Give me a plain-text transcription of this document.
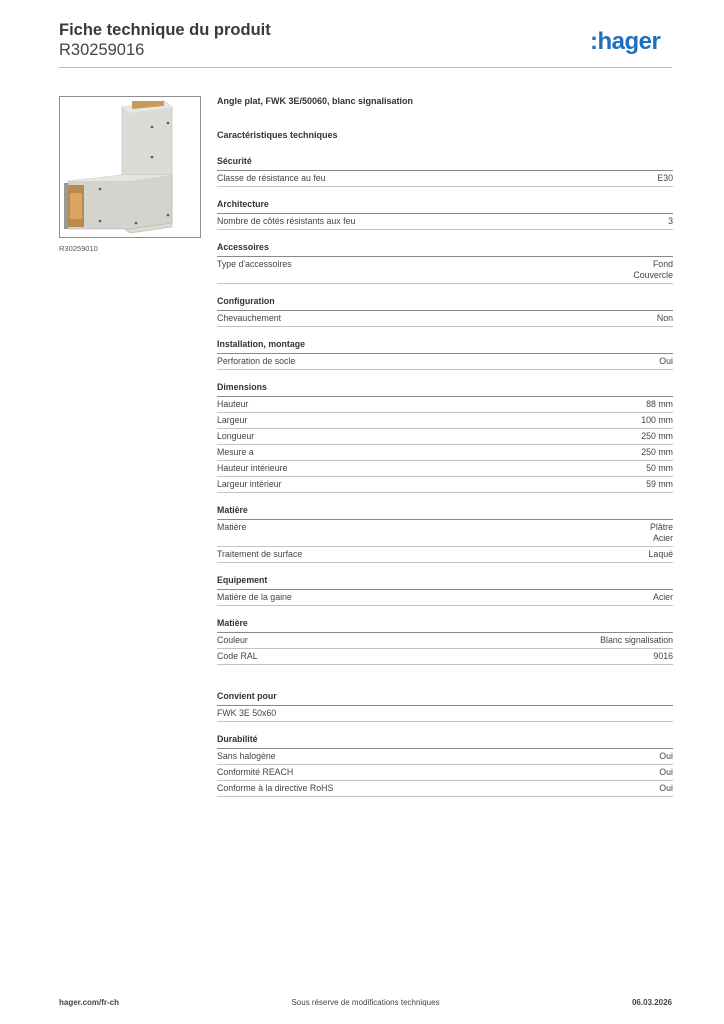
Fiche technique du produit
R30259016	:hager
R30259010
Angle plat, FWK 3E/50060, blanc signalisation
Caractéristiques techniques
Sécurité
Classe de résistance au feu	E30
Architecture
Nombre de côtés résistants aux feu	3
Accessoires
Type d'accessoires	Fond
Couvercle
Configuration
Chevauchement	Non
Installation, montage
Perforation de socle	Oui
Dimensions
Hauteur	88 mm
Largeur	100 mm
Longueur	250 mm
Mesure a	250 mm
Hauteur intérieure	50 mm
Largeur intérieur	59 mm
Matière
Matière	Plâtre
Acier
Traitement de surface	Laqué
Equipement
Matière de la gaine	Acier
Matière
Couleur	Blanc signalisation
Code RAL	9016
Convient pour
FWK 3E 50x60
Durabilité
Sans halogène	Oui
Conformité REACH	Oui
Conforme à la directive RoHS	Oui
hager.com/fr-ch	Sous réserve de modifications techniques	06.03.2026
